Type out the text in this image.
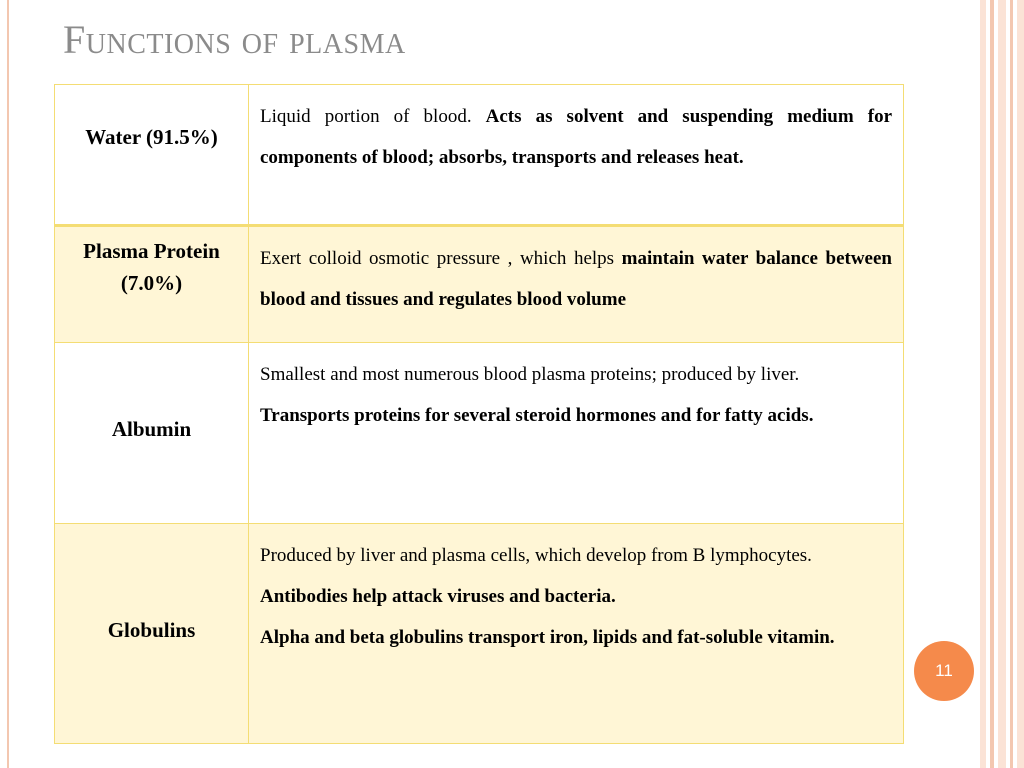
Functions of plasma
Water (91.5%)	Liquid portion of blood. Acts as solvent and suspending medium for components of blood; absorbs, transports and releases heat.

Plasma Protein (7.0%)	Exert colloid osmotic pressure , which helps maintain water balance between blood and tissues and regulates blood volume

Albumin	Smallest and most numerous blood plasma proteins; produced by liver.

Transports proteins for several steroid hormones and for fatty acids.

Globulins	Produced by liver and plasma cells, which develop from B lymphocytes.

Antibodies help attack viruses and bacteria.

Alpha and beta globulins transport iron, lipids and fat-soluble vitamin.

11
